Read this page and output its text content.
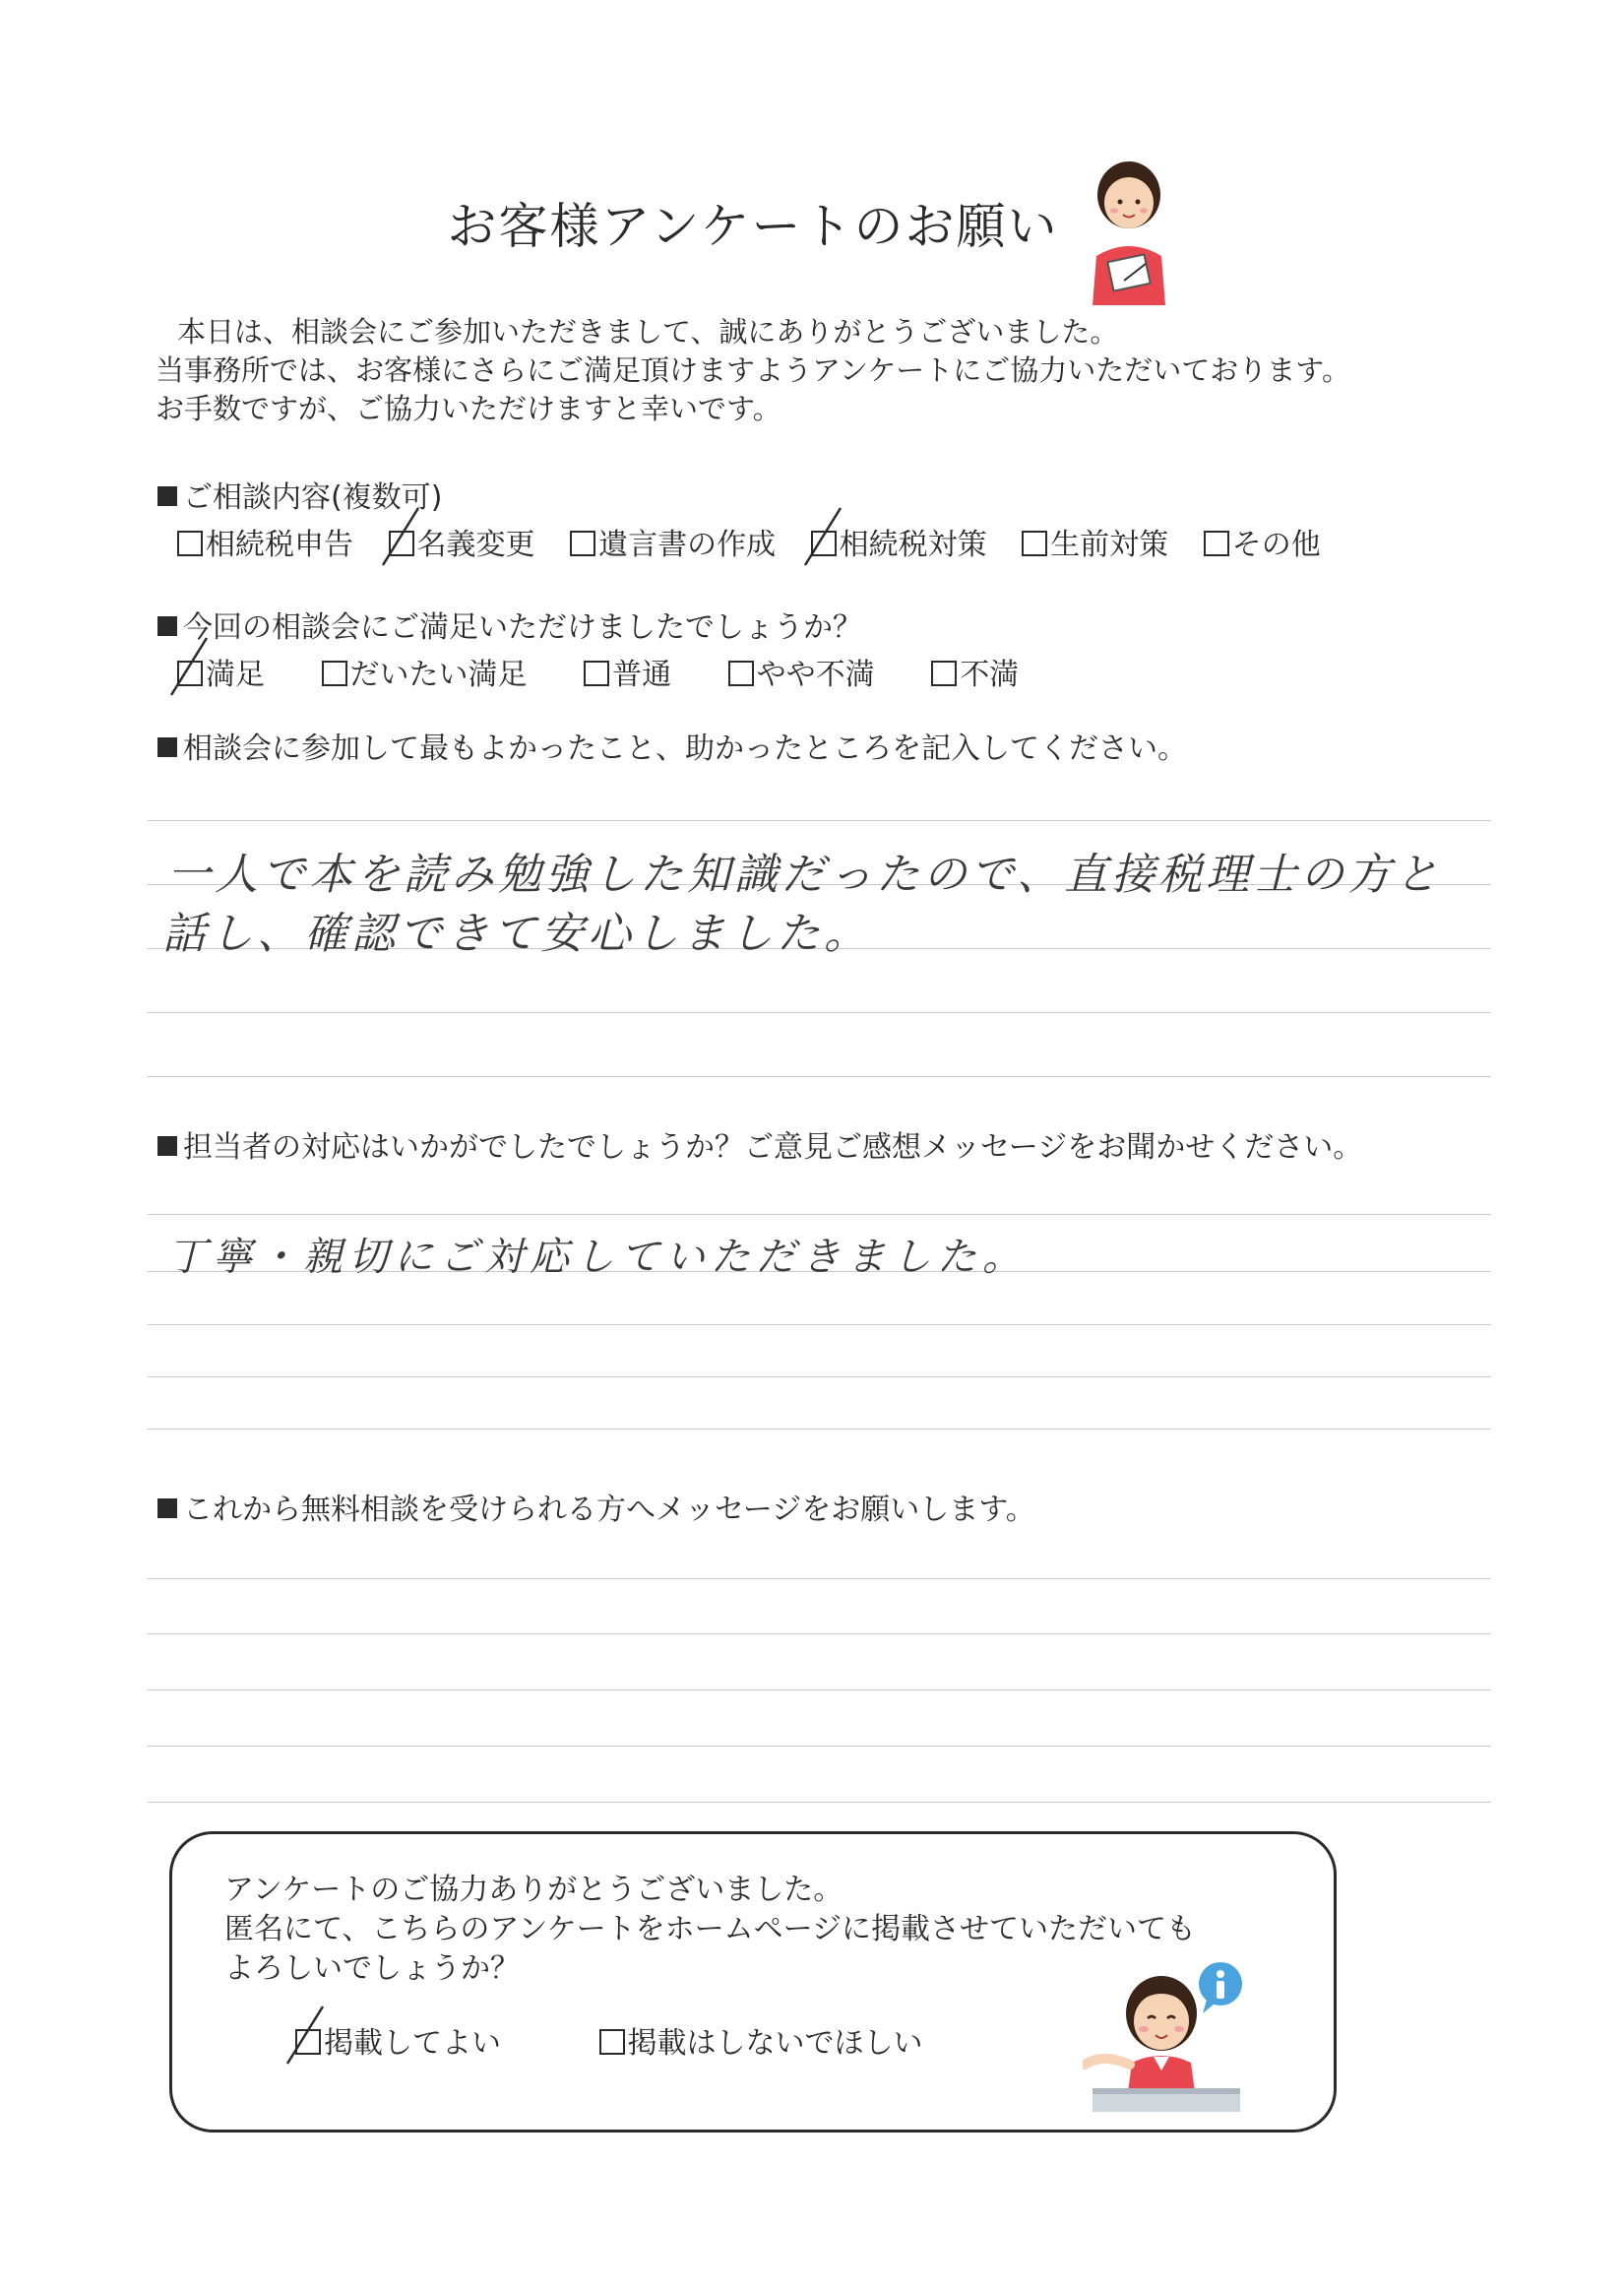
お客様アンケートのお願い
本日は、相談会にご参加いただきまして、誠にありがとうございました。
当事務所では、お客様にさらにご満足頂けますようアンケートにご協力いただいております。
お手数ですが、ご協力いただけますと幸いです。
ご相談内容(複数可)
相続税申告 名義変更 遺言書の作成 相続税対策 生前対策 その他
今回の相談会にご満足いただけましたでしょうか？
満足	だいたい満足	普通	やや不満	不満
相談会に参加して最もよかったこと、助かったところを記入してください。
一人で本を読み勉強した知識だったので、直接税理士の方と
話し、確認できて安心しました。
担当者の対応はいかがでしたでしょうか？ご意見ご感想メッセージをお聞かせください。
丁寧・親切にご対応していただきました。
これから無料相談を受けられる方へメッセージをお願いします。
アンケートのご協力ありがとうございました。
匿名にて、こちらのアンケートをホームページに掲載させていただいても
よろしいでしょうか？
掲載してよい	掲載はしないでほしい
